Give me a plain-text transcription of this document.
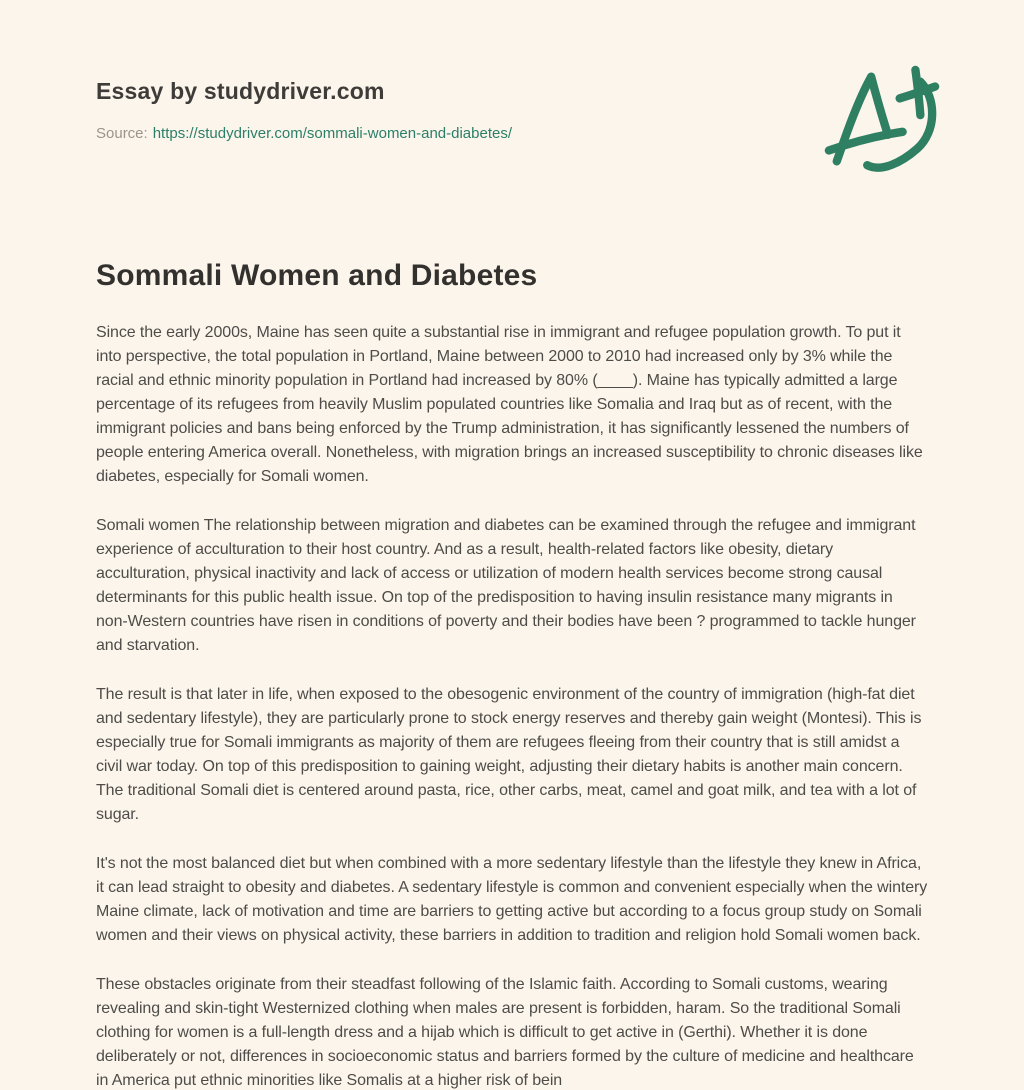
Essay by studydriver.com

Source: https://studydriver.com/sommali-women-and-diabetes/

Sommali Women and Diabetes

Since the early 2000s, Maine has seen quite a substantial rise in immigrant and refugee population growth. To put it into perspective, the total population in Portland, Maine between 2000 to 2010 had increased only by 3% while the racial and ethnic minority population in Portland had increased by 80% (____). Maine has typically admitted a large percentage of its refugees from heavily Muslim populated countries like Somalia and Iraq but as of recent, with the immigrant policies and bans being enforced by the Trump administration, it has significantly lessened the numbers of people entering America overall. Nonetheless, with migration brings an increased susceptibility to chronic diseases like diabetes, especially for Somali women.

Somali women The relationship between migration and diabetes can be examined through the refugee and immigrant experience of acculturation to their host country. And as a result, health-related factors like obesity, dietary acculturation, physical inactivity and lack of access or utilization of modern health services become strong causal determinants for this public health issue. On top of the predisposition to having insulin resistance many migrants in non-Western countries have risen in conditions of poverty and their bodies have been ? programmed to tackle hunger and starvation.

The result is that later in life, when exposed to the obesogenic environment of the country of immigration (high-fat diet and sedentary lifestyle), they are particularly prone to stock energy reserves and thereby gain weight (Montesi). This is especially true for Somali immigrants as majority of them are refugees fleeing from their country that is still amidst a civil war today. On top of this predisposition to gaining weight, adjusting their dietary habits is another main concern. The traditional Somali diet is centered around pasta, rice, other carbs, meat, camel and goat milk, and tea with a lot of sugar.

It's not the most balanced diet but when combined with a more sedentary lifestyle than the lifestyle they knew in Africa, it can lead straight to obesity and diabetes. A sedentary lifestyle is common and convenient especially when the wintery Maine climate, lack of motivation and time are barriers to getting active but according to a focus group study on Somali women and their views on physical activity, these barriers in addition to tradition and religion hold Somali women back.

These obstacles originate from their steadfast following of the Islamic faith. According to Somali customs, wearing revealing and skin-tight Westernized clothing when males are present is forbidden, haram. So the traditional Somali clothing for women is a full-length dress and a hijab which is difficult to get active in (Gerthi). Whether it is done deliberately or not, differences in socioeconomic status and barriers formed by the culture of medicine and healthcare in America put ethnic minorities like Somalis at a higher risk of bein
